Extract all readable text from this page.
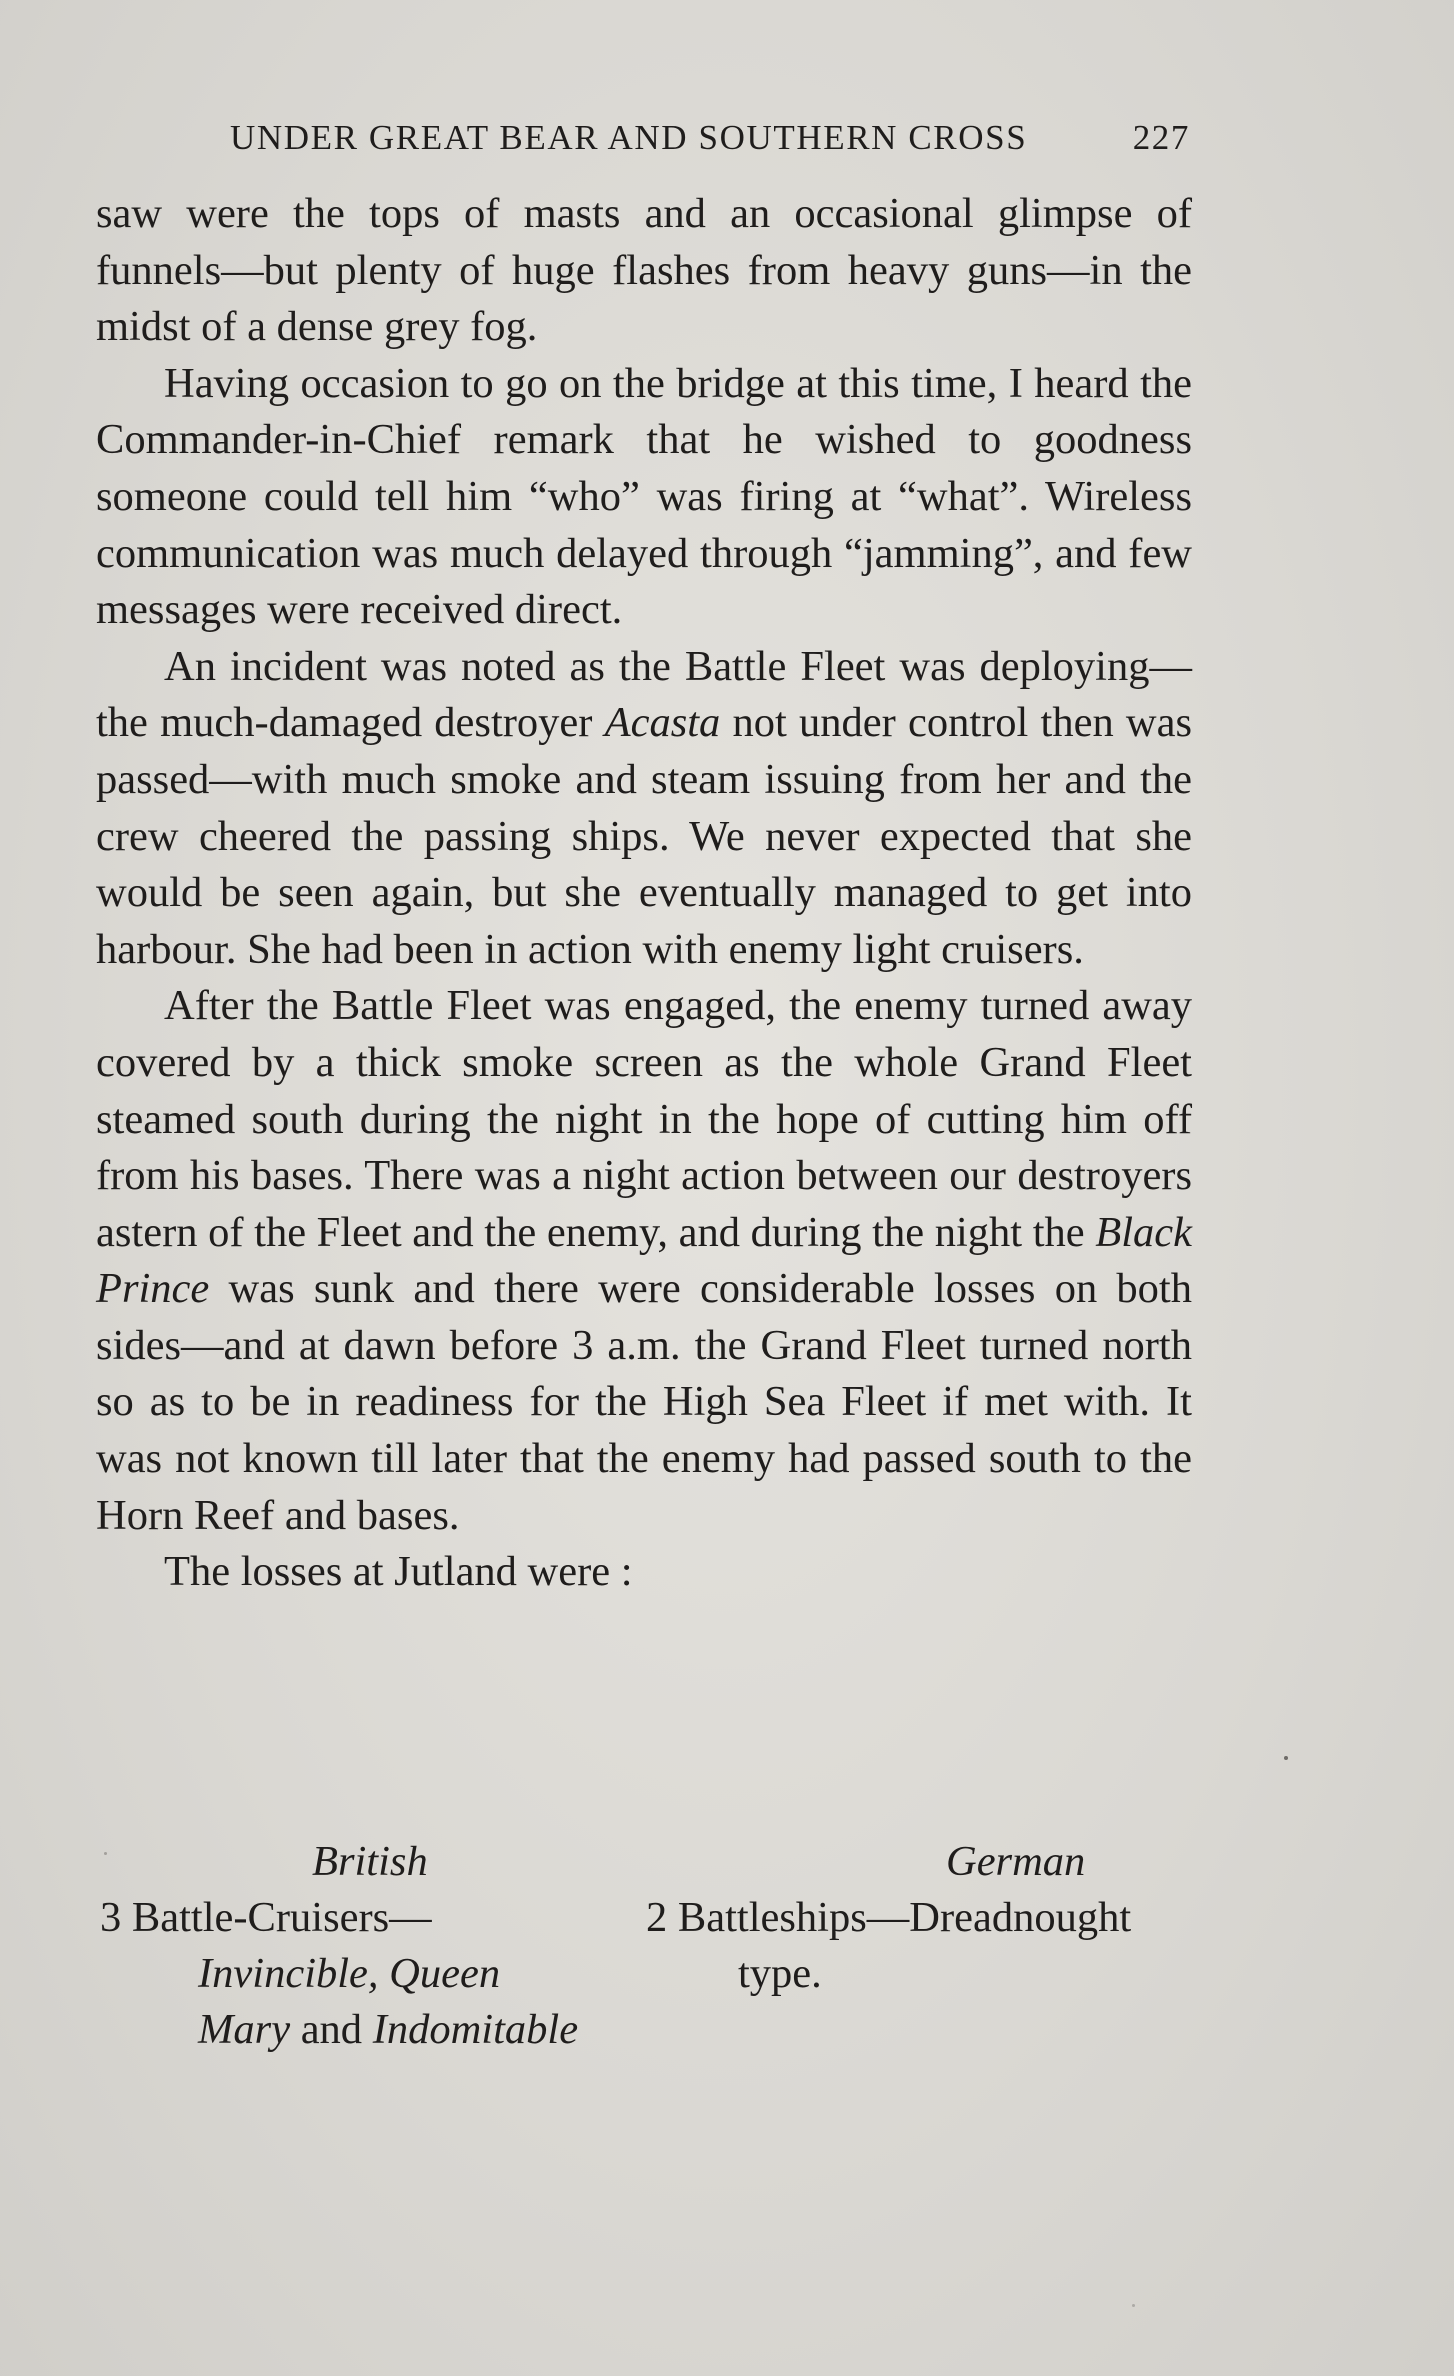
UNDER GREAT BEAR AND SOUTHERN CROSS	227

saw were the tops of masts and an occasional glimpse of funnels—but plenty of huge flashes from heavy guns—in the midst of a dense grey fog.

Having occasion to go on the bridge at this time, I heard the Commander-in-Chief remark that he wished to goodness someone could tell him “who” was firing at “what”. Wireless communication was much delayed through “jamming”, and few messages were received direct.

An incident was noted as the Battle Fleet was deploying—the much-damaged destroyer Acasta not under control then was passed—with much smoke and steam issuing from her and the crew cheered the passing ships. We never expected that she would be seen again, but she eventually managed to get into harbour. She had been in action with enemy light cruisers.

After the Battle Fleet was engaged, the enemy turned away covered by a thick smoke screen as the whole Grand Fleet steamed south during the night in the hope of cutting him off from his bases. There was a night action between our destroyers astern of the Fleet and the enemy, and during the night the Black Prince was sunk and there were considerable losses on both sides—and at dawn before 3 a.m. the Grand Fleet turned north so as to be in readiness for the High Sea Fleet if met with. It was not known till later that the enemy had passed south to the Horn Reef and bases.

The losses at Jutland were :

British
3 Battle-Cruisers—
Invincible, Queen
Mary and Indomitable
German
2 Battleships—Dreadnought
type.
